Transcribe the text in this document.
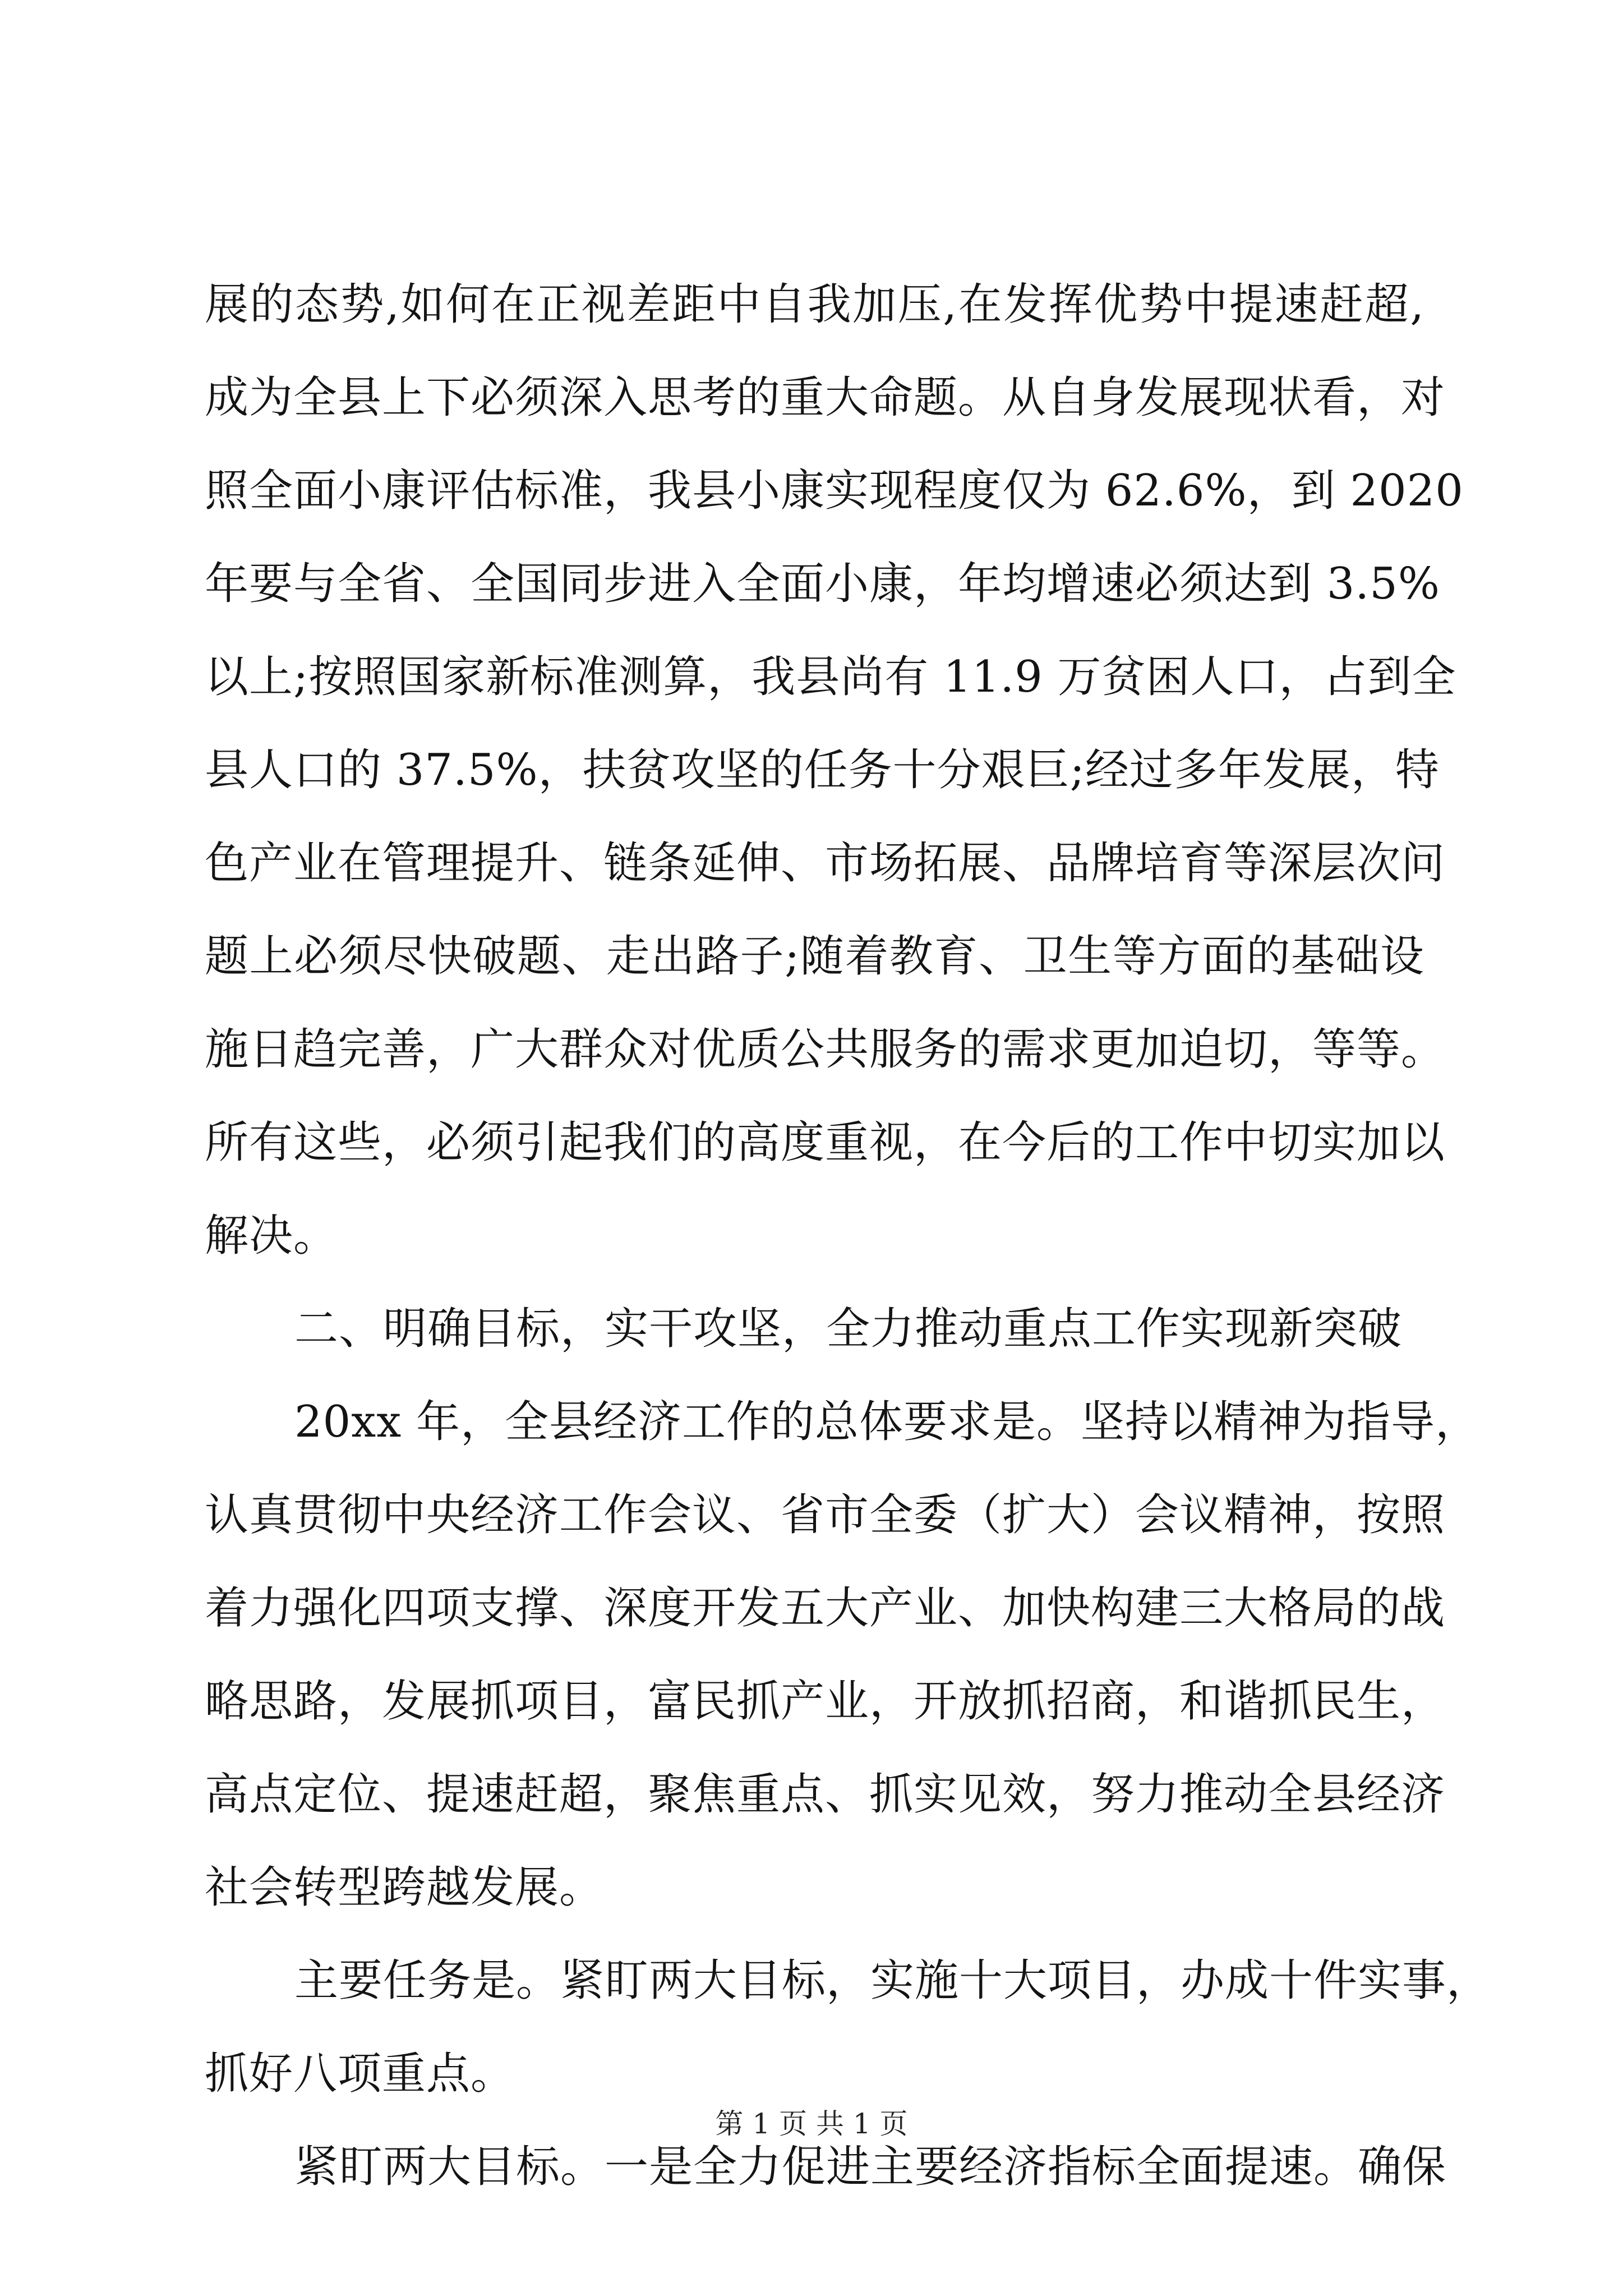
展的态势,如何在正视差距中自我加压,在发挥优势中提速赶超,
成为全县上下必须深入思考的重大命题。从自身发展现状看，对
照全面小康评估标准，我县小康实现程度仅为 62.6%，到 2020
年要与全省、全国同步进入全面小康，年均增速必须达到 3.5%
以上;按照国家新标准测算，我县尚有 11.9 万贫困人口，占到全
县人口的 37.5%，扶贫攻坚的任务十分艰巨;经过多年发展，特
色产业在管理提升、链条延伸、市场拓展、品牌培育等深层次问
题上必须尽快破题、走出路子;随着教育、卫生等方面的基础设
施日趋完善，广大群众对优质公共服务的需求更加迫切，等等。
所有这些，必须引起我们的高度重视，在今后的工作中切实加以
解决。
二、明确目标，实干攻坚，全力推动重点工作实现新突破
20xx 年，全县经济工作的总体要求是。坚持以精神为指导，
认真贯彻中央经济工作会议、省市全委（扩大）会议精神，按照
着力强化四项支撑、深度开发五大产业、加快构建三大格局的战
略思路，发展抓项目，富民抓产业，开放抓招商，和谐抓民生，
高点定位、提速赶超，聚焦重点、抓实见效，努力推动全县经济
社会转型跨越发展。
主要任务是。紧盯两大目标，实施十大项目，办成十件实事，
抓好八项重点。
紧盯两大目标。一是全力促进主要经济指标全面提速。确保
第 1 页 共 1 页
